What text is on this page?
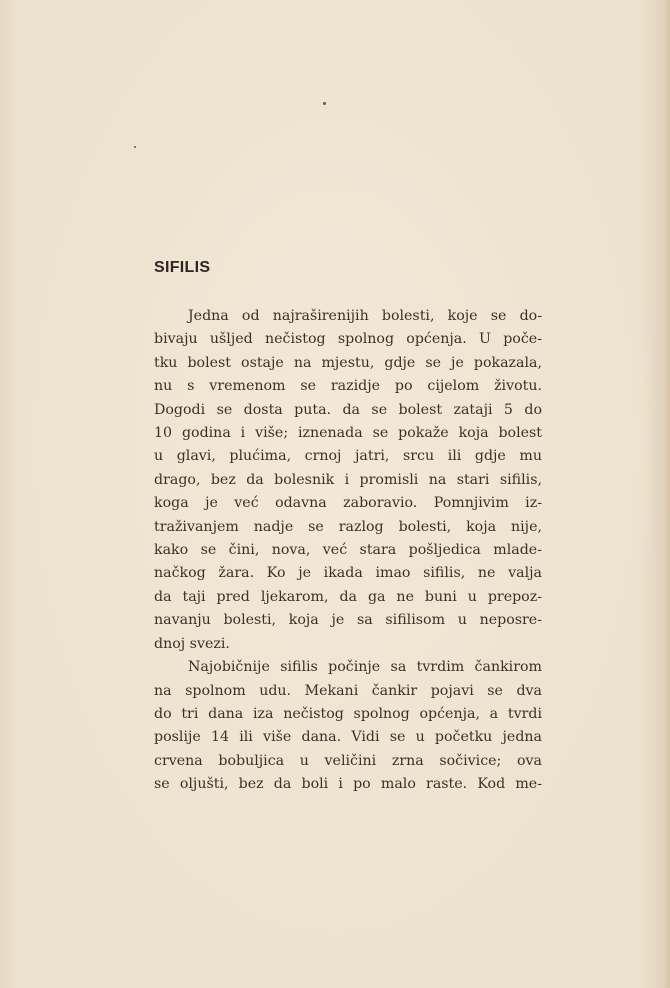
SIFILIS

Jedna od najraširenijih bolesti, koje se do-
bivaju ušljed nečistog spolnog općenja. U poče-
tku bolest ostaje na mjestu, gdje se je pokazala,
nu s vremenom se razidje po cijelom životu.
Dogodi se dosta puta. da se bolest zataji 5 do
10 godina i više; iznenada se pokaže koja bolest
u glavi, plućima, crnoj jatri, srcu ili gdje mu
drago, bez da bolesnik i promisli na stari sifilis,
koga je već odavna zaboravio. Pomnjivim iz-
traživanjem nadje se razlog bolesti, koja nije,
kako se čini, nova, već stara pošljedica mlade-
načkog žara. Ko je ikada imao sifilis, ne valja
da taji pred ljekarom, da ga ne buni u prepoz-
navanju bolesti, koja je sa sifilisom u neposre-
dnoj svezi.

Najobičnije sifilis počinje sa tvrdim čankirom
na spolnom udu. Mekani čankir pojavi se dva
do tri dana iza nečistog spolnog općenja, a tvrdi
poslije 14 ili više dana. Vidi se u početku jedna
crvena bobuljica u veličini zrna sočivice; ova
se oljušti, bez da boli i po malo raste. Kod me-
